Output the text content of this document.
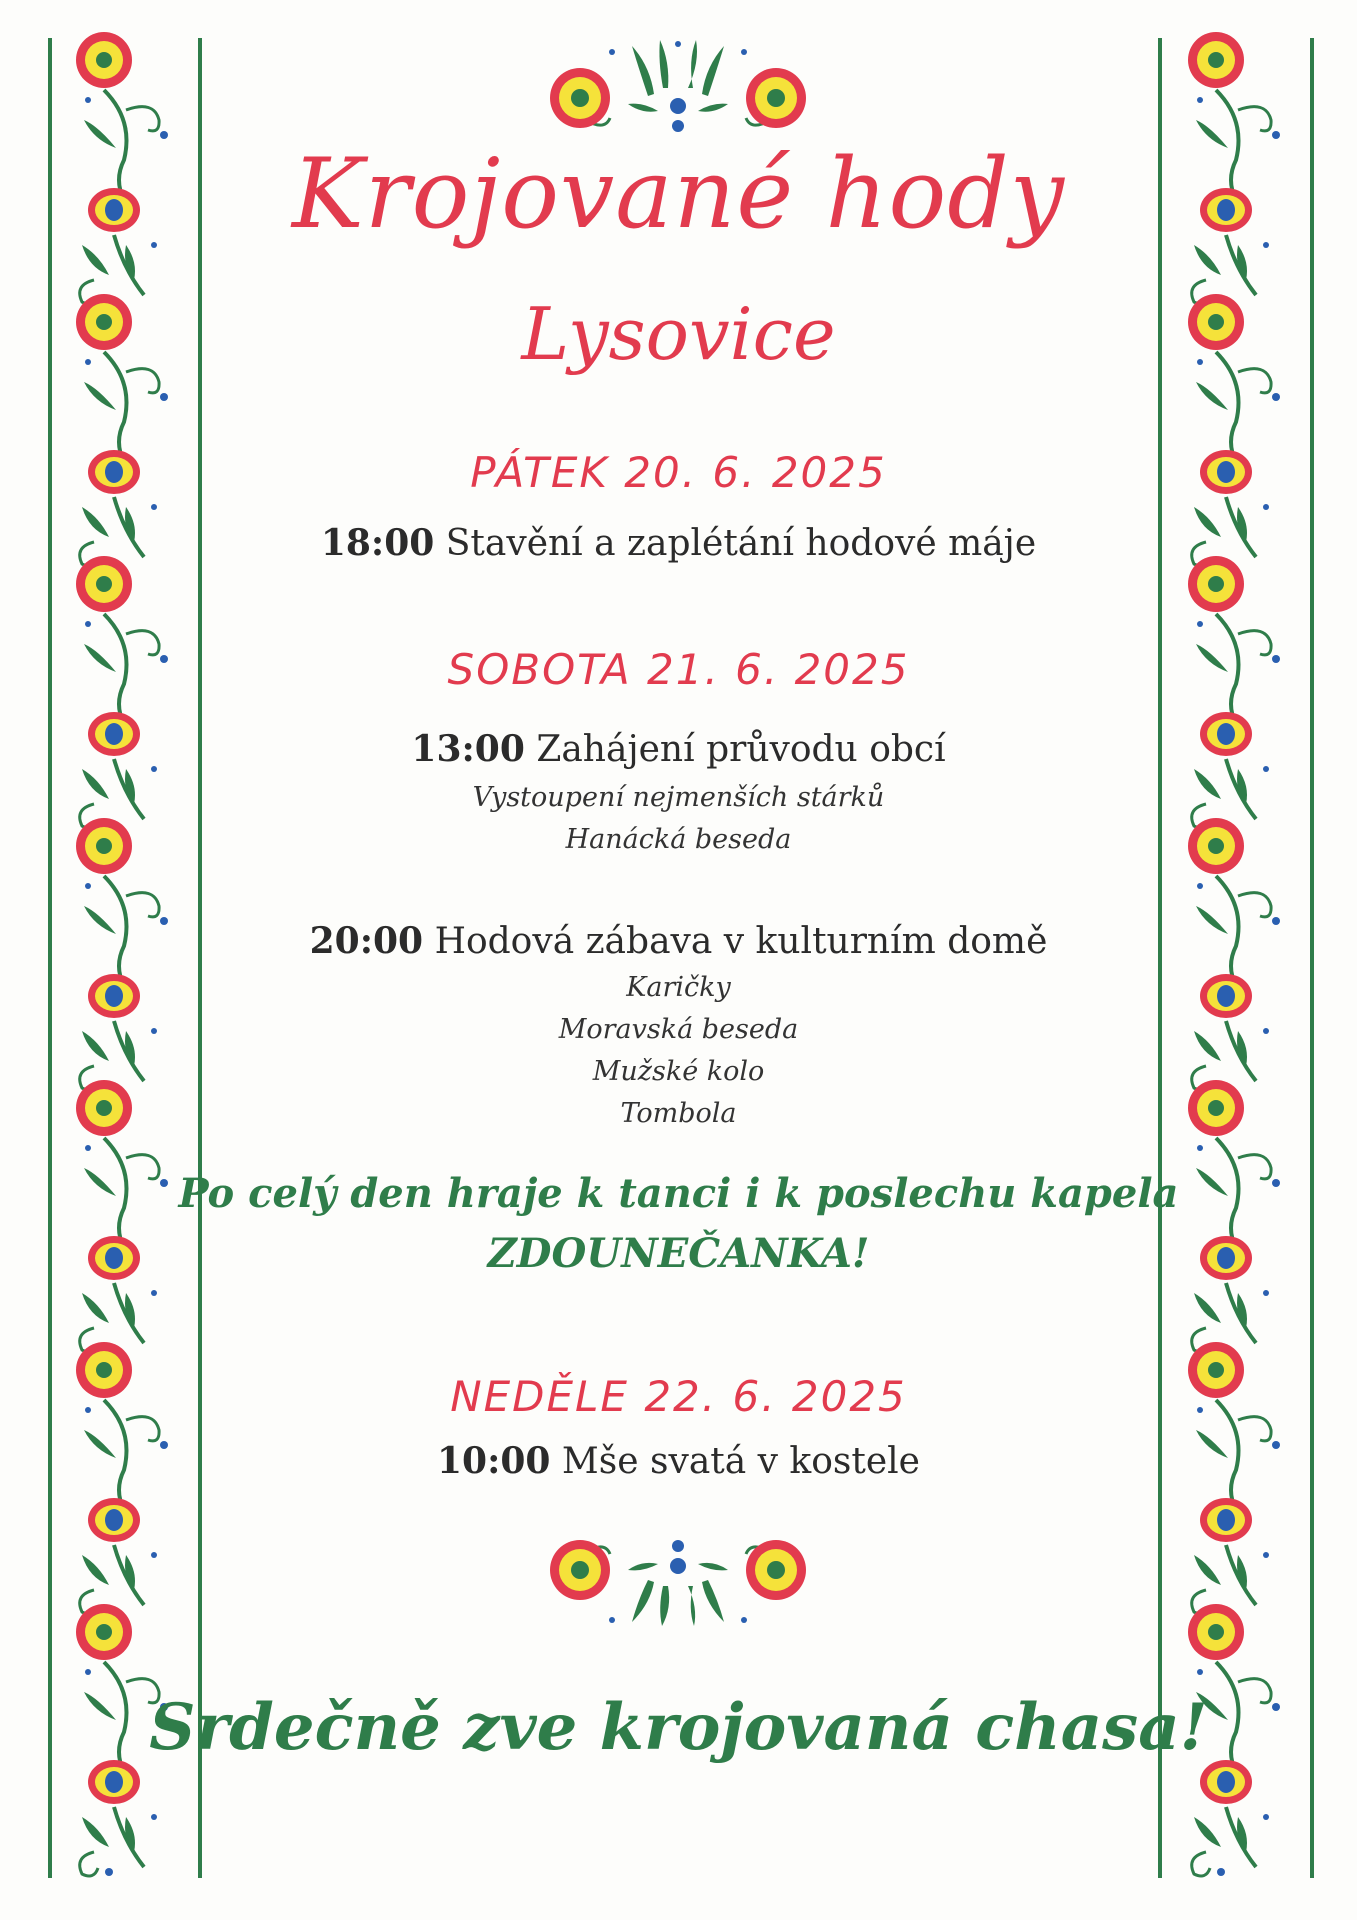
Krojované hody
Lysovice
PÁTEK 20. 6. 2025
18:00 Stavění a zaplétání hodové máje
SOBOTA 21. 6. 2025
13:00 Zahájení průvodu obcí
Vystoupení nejmenších stárků
Hanácká beseda
20:00 Hodová zábava v kulturním domě
Karičky
Moravská beseda
Mužské kolo
Tombola
Po celý den hraje k tanci i k poslechu kapela
ZDOUNEČANKA!
NEDĚLE 22. 6. 2025
10:00 Mše svatá v kostele
Srdečně zve krojovaná chasa!
